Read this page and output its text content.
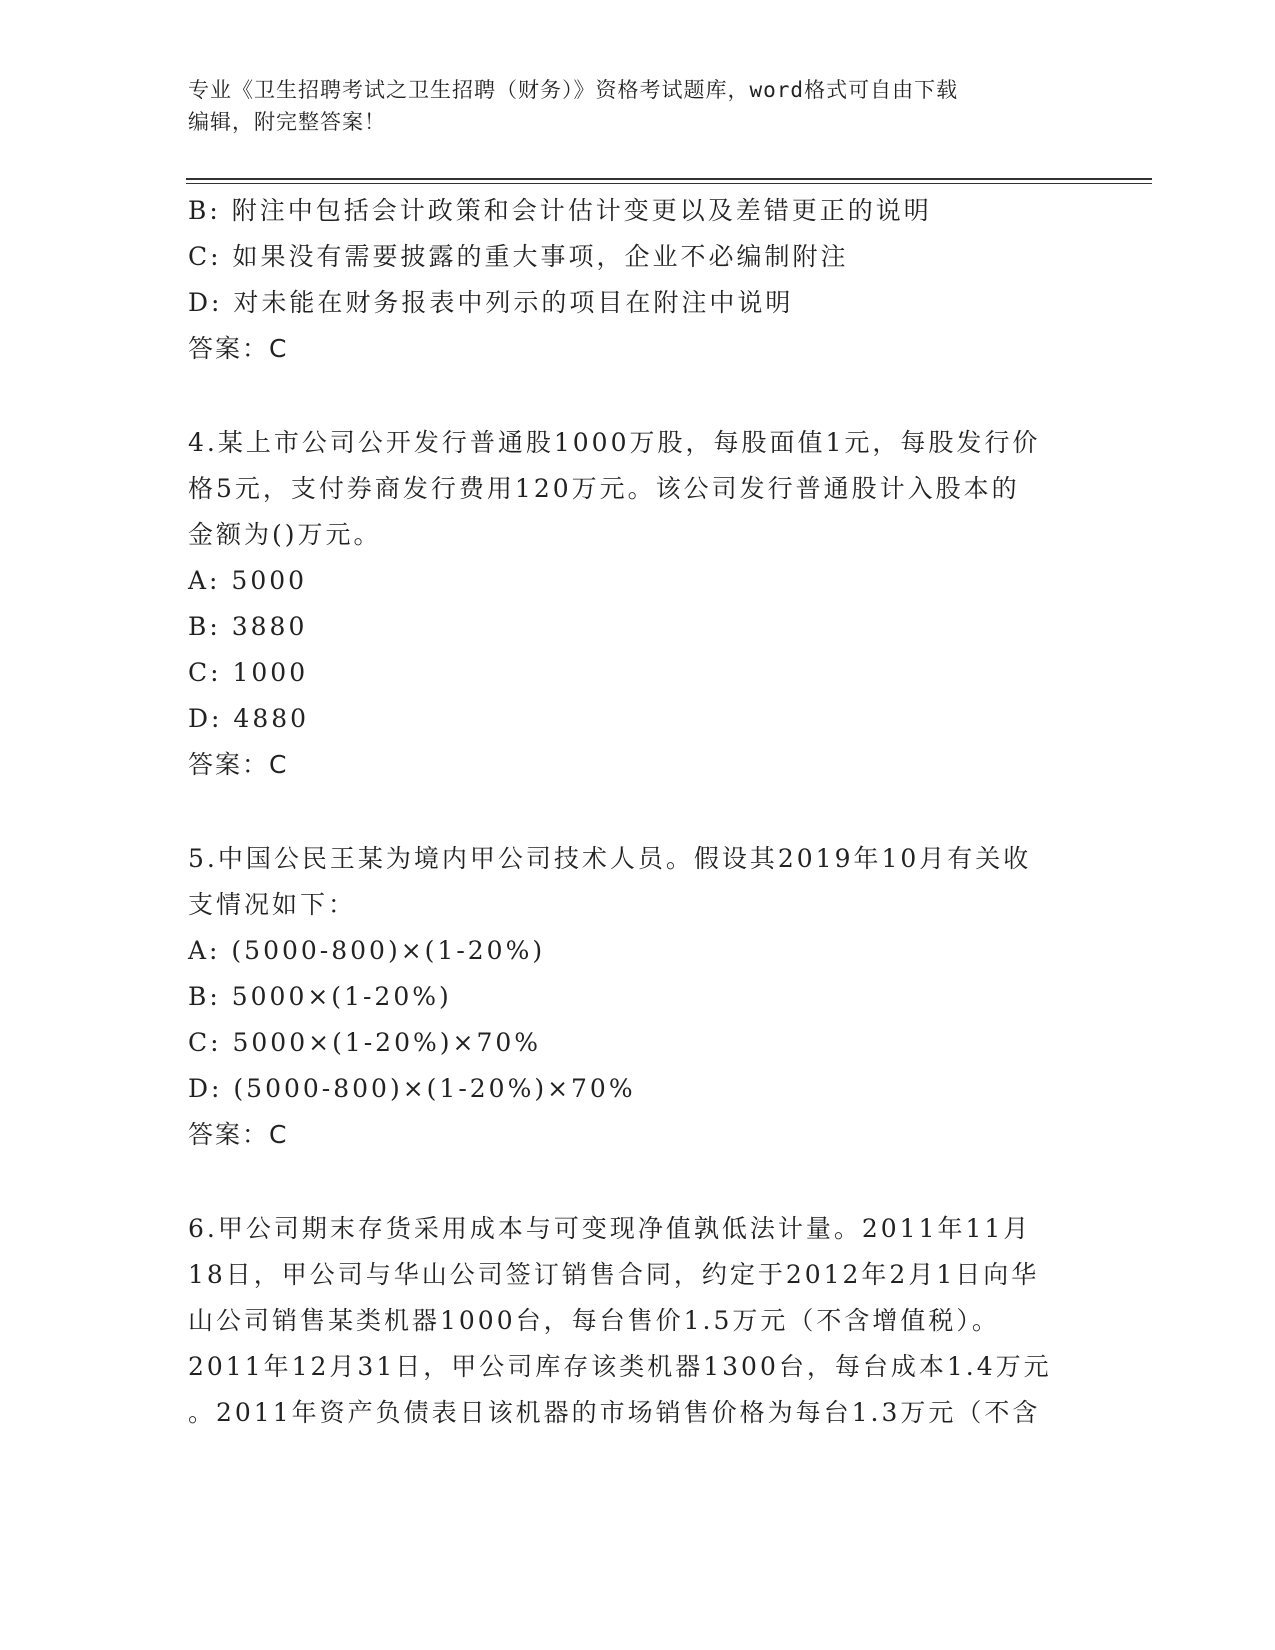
专业《卫生招聘考试之卫生招聘（财务）》资格考试题库，word格式可自由下载
编辑，附完整答案！
B: 附注中包括会计政策和会计估计变更以及差错更正的说明
C: 如果没有需要披露的重大事项，企业不必编制附注
D: 对未能在财务报表中列示的项目在附注中说明
答案：C
4.某上市公司公开发行普通股1000万股，每股面值1元，每股发行价
格5元，支付券商发行费用120万元。该公司发行普通股计入股本的
金额为()万元。
A: 5000
B: 3880
C: 1000
D: 4880
答案：C
5.中国公民王某为境内甲公司技术人员。假设其2019年10月有关收
支情况如下：
A: (5000-800)×(1-20%)
B: 5000×(1-20%)
C: 5000×(1-20%)×70%
D: (5000-800)×(1-20%)×70%
答案：C
6.甲公司期末存货采用成本与可变现净值孰低法计量。2011年11月
18日，甲公司与华山公司签订销售合同，约定于2012年2月1日向华
山公司销售某类机器1000台，每台售价1.5万元（不含增值税）。
2011年12月31日，甲公司库存该类机器1300台，每台成本1.4万元
。2011年资产负债表日该机器的市场销售价格为每台1.3万元（不含
